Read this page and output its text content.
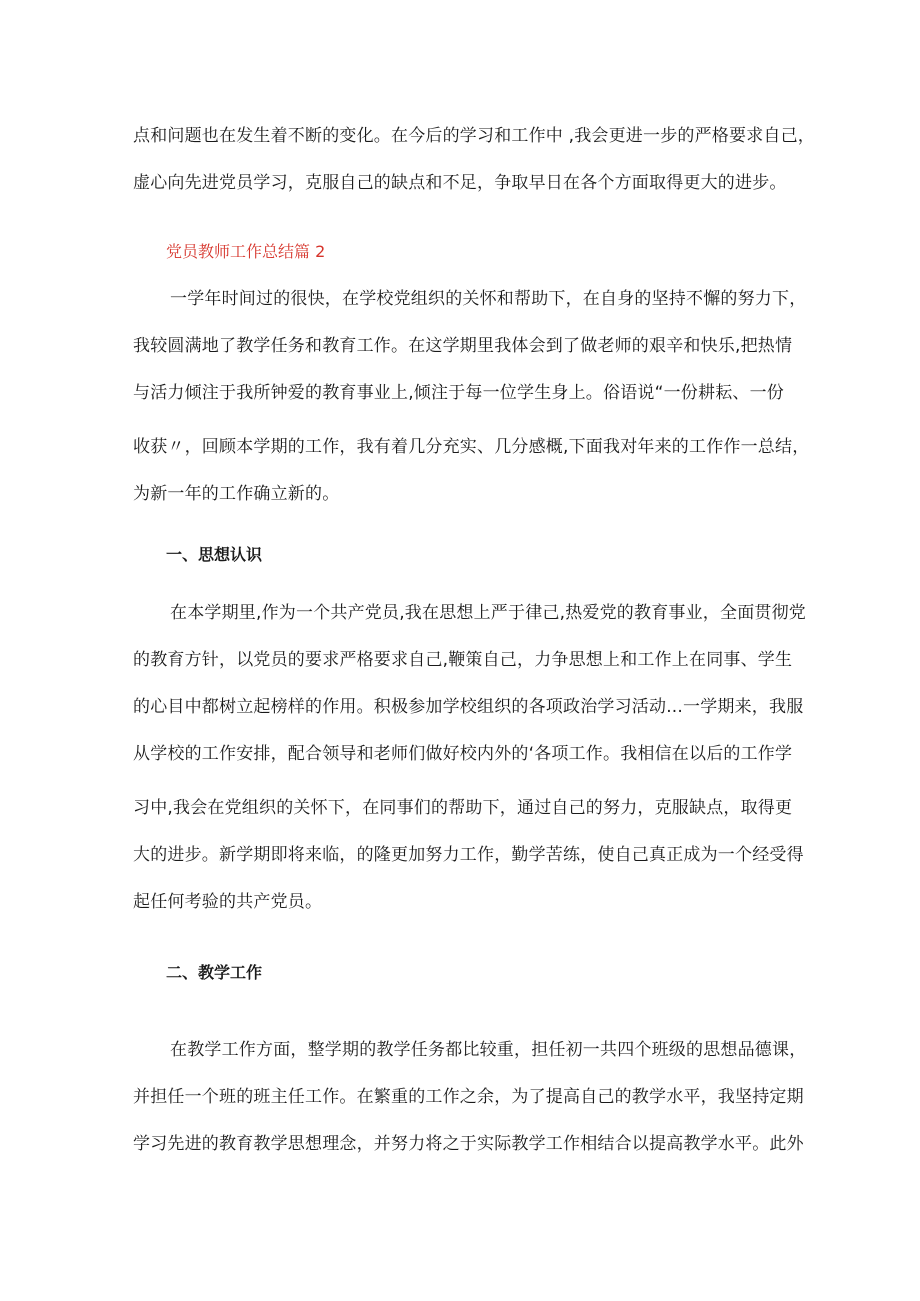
点和问题也在发生着不断的变化。在今后的学习和工作中 ,我会更进一步的严格要求自己，
虚心向先进党员学习，克服自己的缺点和不足，争取早日在各个方面取得更大的进步。
党员教师工作总结篇 2
一学年时间过的很快，在学校党组织的关怀和帮助下，在自身的坚持不懈的努力下，
我较圆满地了教学任务和教育工作。在这学期里我体会到了做老师的艰辛和快乐,把热情
与活力倾注于我所钟爱的教育事业上,倾注于每一位学生身上。俗语说“一份耕耘、一份
收获〃，回顾本学期的工作，我有着几分充实、几分感概,下面我对年来的工作作一总结，
为新一年的工作确立新的。
一、思想认识
在本学期里,作为一个共产党员,我在思想上严于律己,热爱党的教育事业，全面贯彻党
的教育方针，以党员的要求严格要求自己,鞭策自己，力争思想上和工作上在同事、学生
的心目中都树立起榜样的作用。积极参加学校组织的各项政治学习活动...一学期来，我服
从学校的工作安排，配合领导和老师们做好校内外的‘各项工作。我相信在以后的工作学
习中,我会在党组织的关怀下，在同事们的帮助下，通过自己的努力，克服缺点，取得更
大的进步。新学期即将来临，的隆更加努力工作，勤学苦练，使自己真正成为一个经受得
起任何考验的共产党员。
二、教学工作
在教学工作方面，整学期的教学任务都比较重，担任初一共四个班级的思想品德课，
并担任一个班的班主任工作。在繁重的工作之余，为了提高自己的教学水平，我坚持定期
学习先进的教育教学思想理念，并努力将之于实际教学工作相结合以提高教学水平。此外
